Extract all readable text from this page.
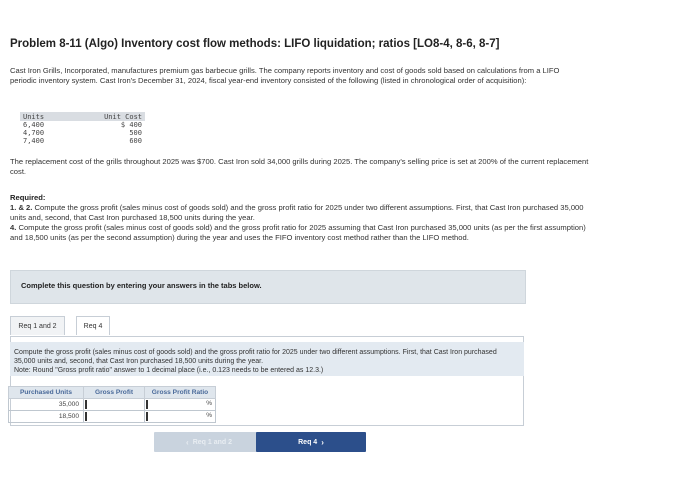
Problem 8-11 (Algo) Inventory cost flow methods: LIFO liquidation; ratios [LO8-4, 8-6, 8-7]
Cast Iron Grills, Incorporated, manufactures premium gas barbecue grills. The company reports inventory and cost of goods sold based on calculations from a LIFO periodic inventory system. Cast Iron's December 31, 2024, fiscal year-end inventory consisted of the following (listed in chronological order of acquisition):
Units	Unit Cost
6,400	$ 400
4,700	500
7,400	600
The replacement cost of the grills throughout 2025 was $700. Cast Iron sold 34,000 grills during 2025. The company's selling price is set at 200% of the current replacement cost.
Required:
1. & 2. Compute the gross profit (sales minus cost of goods sold) and the gross profit ratio for 2025 under two different assumptions. First, that Cast Iron purchased 35,000 units and, second, that Cast Iron purchased 18,500 units during the year.
4. Compute the gross profit (sales minus cost of goods sold) and the gross profit ratio for 2025 assuming that Cast Iron purchased 35,000 units (as per the first assumption) and 18,500 units (as per the second assumption) during the year and uses the FIFO inventory cost method rather than the LIFO method.
Complete this question by entering your answers in the tabs below.
Req 1 and 2	Req 4

Compute the gross profit (sales minus cost of goods sold) and the gross profit ratio for 2025 under two different assumptions. First, that Cast Iron purchased 35,000 units and, second, that Cast Iron purchased 18,500 units during the year.
Note: Round "Gross profit ratio" answer to 1 decimal place (i.e., 0.123 needs to be entered as 12.3.)

Purchased Units	Gross Profit	Gross Profit Ratio
35,000		%

18,500		%
‹ Req 1 and 2	Req 4 ›
